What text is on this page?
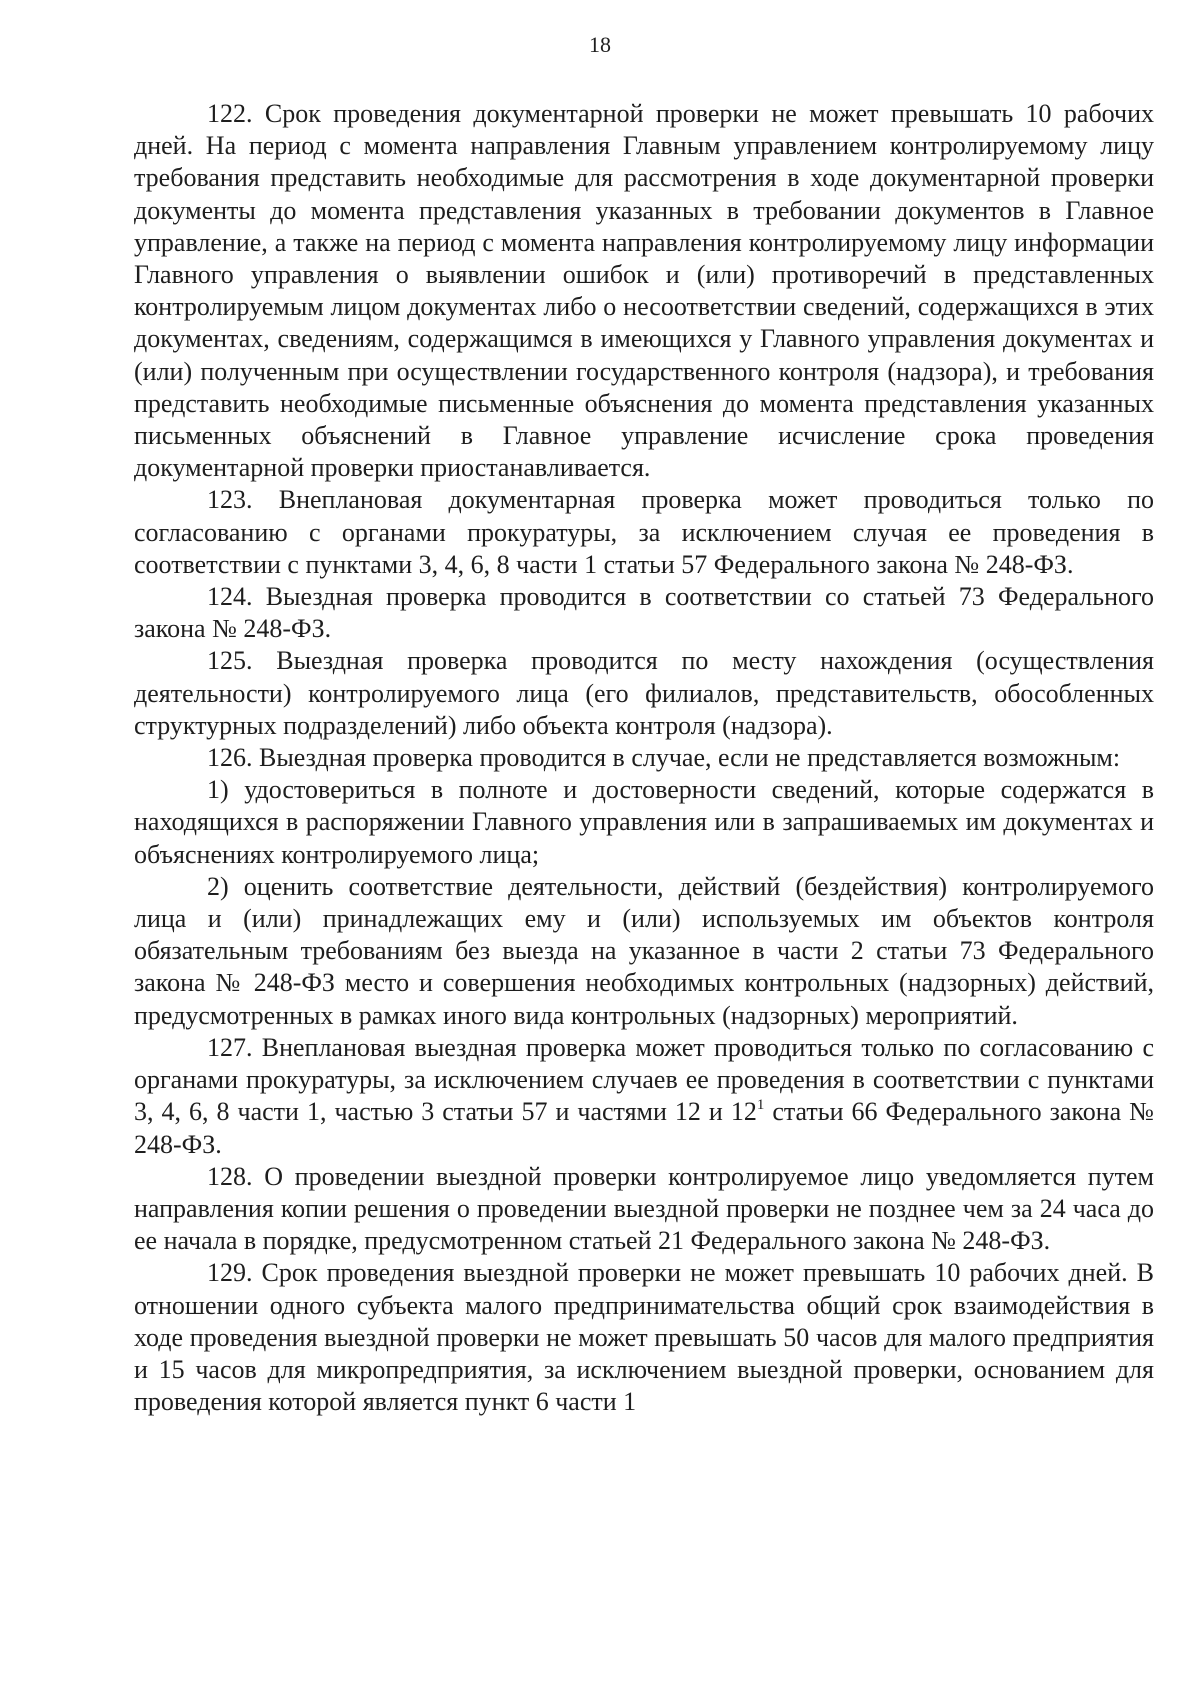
18

122. Срок проведения документарной проверки не может превышать 10 рабочих дней. На период с момента направления Главным управлением контролируемому лицу требования представить необходимые для рассмотрения в ходе документарной проверки документы до момента представления указанных в требовании документов в Главное управление, а также на период с момента направления контролируемому лицу информации Главного управления о выявлении ошибок и (или) противоречий в представленных контролируемым лицом документах либо о несоответствии сведений, содержащихся в этих документах, сведениям, содержащимся в имеющихся у Главного управления документах и (или) полученным при осуществлении государственного контроля (надзора), и требования представить необходимые письменные объяснения до момента представления указанных письменных объяснений в Главное управление исчисление срока проведения документарной проверки приостанавливается.

123. Внеплановая документарная проверка может проводиться только по согласованию с органами прокуратуры, за исключением случая ее проведения в соответствии с пунктами 3, 4, 6, 8 части 1 статьи 57 Федерального закона № 248-ФЗ.

124. Выездная проверка проводится в соответствии со статьей 73 Федерального закона № 248-ФЗ.

125. Выездная проверка проводится по месту нахождения (осуществления деятельности) контролируемого лица (его филиалов, представительств, обособленных структурных подразделений) либо объекта контроля (надзора).

126. Выездная проверка проводится в случае, если не представляется возможным:

1) удостовериться в полноте и достоверности сведений, которые содержатся в находящихся в распоряжении Главного управления или в запрашиваемых им документах и объяснениях контролируемого лица;

2) оценить соответствие деятельности, действий (бездействия) контролируемого лица и (или) принадлежащих ему и (или) используемых им объектов контроля обязательным требованиям без выезда на указанное в части 2 статьи 73 Федерального закона № 248-ФЗ место и совершения необходимых контрольных (надзорных) действий, предусмотренных в рамках иного вида контрольных (надзорных) мероприятий.

127. Внеплановая выездная проверка может проводиться только по согласованию с органами прокуратуры, за исключением случаев ее проведения в соответствии с пунктами 3, 4, 6, 8 части 1, частью 3 статьи 57 и частями 12 и $12^1$ статьи 66 Федерального закона № 248-ФЗ.

128. О проведении выездной проверки контролируемое лицо уведомляется путем направления копии решения о проведении выездной проверки не позднее чем за 24 часа до ее начала в порядке, предусмотренном статьей 21 Федерального закона № 248-ФЗ.

129. Срок проведения выездной проверки не может превышать 10 рабочих дней. В отношении одного субъекта малого предпринимательства общий срок взаимодействия в ходе проведения выездной проверки не может превышать 50 часов для малого предприятия и 15 часов для микропредприятия, за исключением выездной проверки, основанием для проведения которой является пункт 6 части 1
